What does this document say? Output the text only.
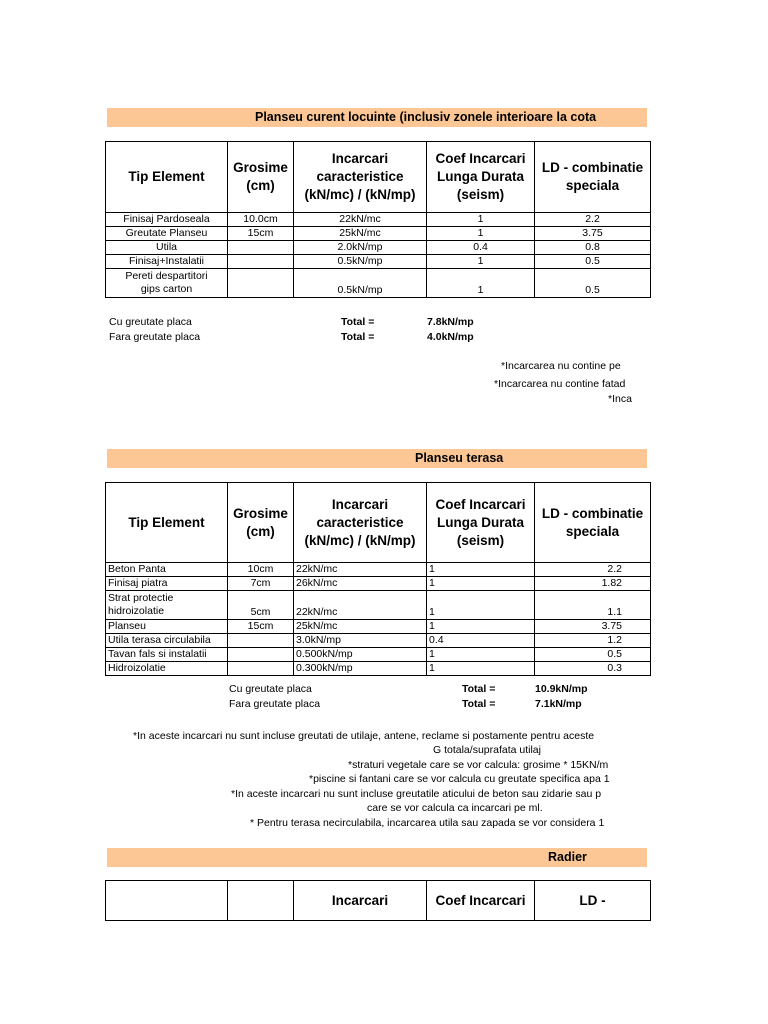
Planseu curent locuinte (inclusiv zonele interioare la cota
Tip Element	Grosime (cm)	Incarcari caracteristice (kN/mc) / (kN/mp)	Coef Incarcari Lunga Durata (seism)	LD - combinatie speciala
Finisaj Pardoseala	10.0cm	22kN/mc	1	2.2
Greutate Planseu	15cm	25kN/mc	1	3.75
Utila		2.0kN/mp	0.4	0.8
Finisaj+Instalatii		0.5kN/mp	1	0.5
Pereti despartitori gips carton		0.5kN/mp	1	0.5
Cu greutate placa	Total =	7.8kN/mp
Fara greutate placa	Total =	4.0kN/mp
*Incarcarea nu contine pe
*Incarcarea nu contine fatad
*Inca
Planseu terasa
Tip Element	Grosime (cm)	Incarcari caracteristice (kN/mc) / (kN/mp)	Coef Incarcari Lunga Durata (seism)	LD - combinatie speciala
Beton Panta	10cm	22kN/mc	1	2.2
Finisaj piatra	7cm	26kN/mc	1	1.82
Strat protectie hidroizolatie	5cm	22kN/mc	1	1.1
Planseu	15cm	25kN/mc	1	3.75
Utila terasa circulabila		3.0kN/mp	0.4	1.2
Tavan fals si instalatii		0.500kN/mp	1	0.5
Hidroizolatie		0.300kN/mp	1	0.3
Cu greutate placa	Total =	10.9kN/mp
Fara greutate placa	Total =	7.1kN/mp
*In aceste incarcari nu sunt incluse greutati de utilaje, antene, reclame si postamente pentru aceste
G totala/suprafata utilaj
*straturi vegetale care se vor calcula: grosime * 15KN/m
*piscine si fantani care se vor calcula cu greutate specifica apa 1
*In aceste incarcari nu sunt incluse greutatile aticului de beton sau zidarie sau p
care se vor calcula ca incarcari pe ml.
* Pentru terasa necirculabila, incarcarea utila sau zapada se vor considera 1
Radier
		Incarcari	Coef Incarcari	LD -
